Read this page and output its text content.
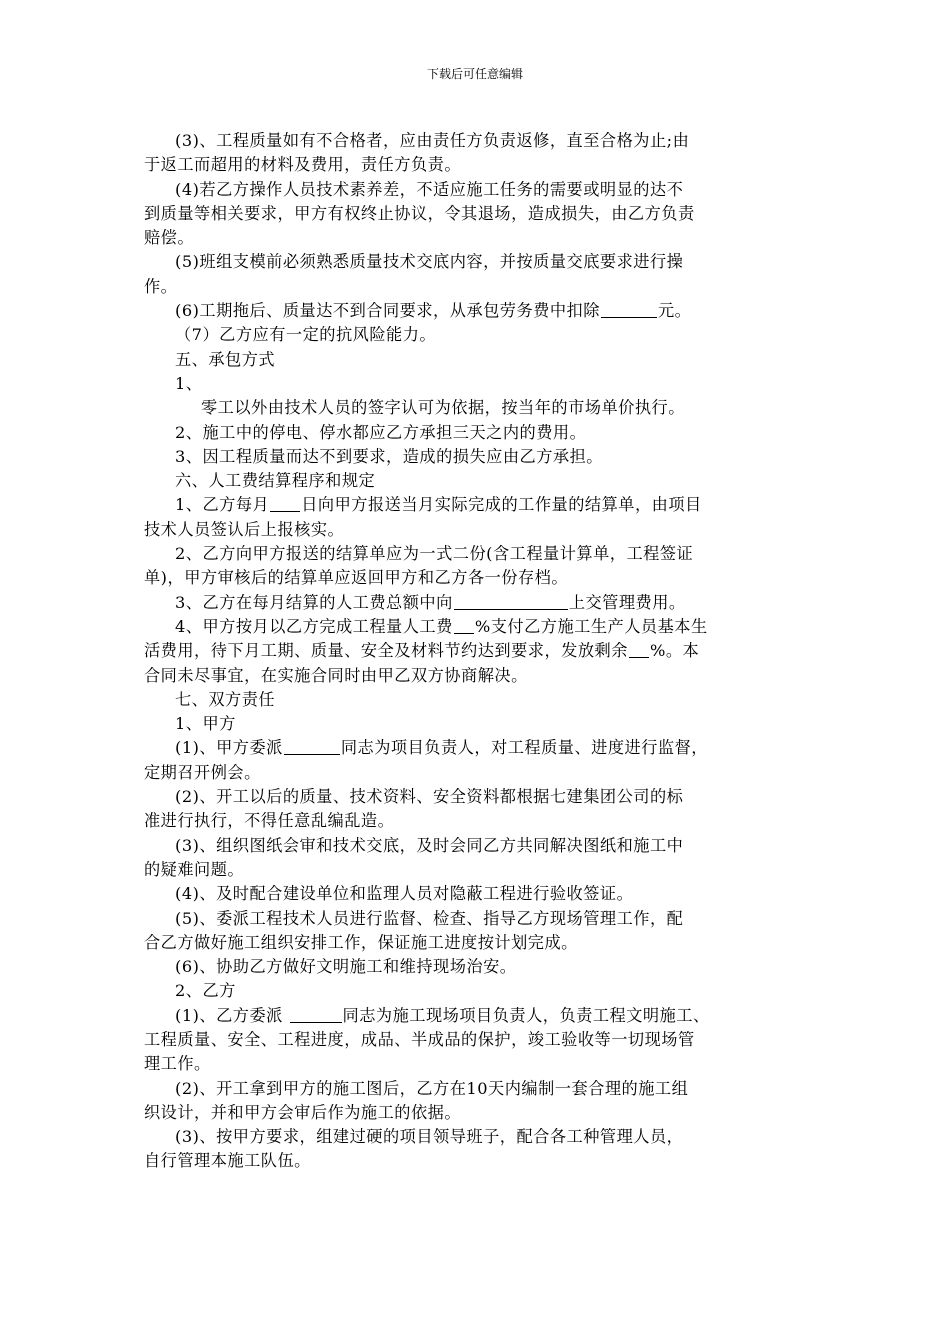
下载后可任意编辑
(3)、工程质量如有不合格者，应由责任方负责返修，直至合格为止;由
于返工而超用的材料及费用，责任方负责。
(4)若乙方操作人员技术素养差，不适应施工任务的需要或明显的达不
到质量等相关要求，甲方有权终止协议，令其退场，造成损失，由乙方负责
赔偿。
(5)班组支模前必须熟悉质量技术交底内容，并按质量交底要求进行操
作。
(6)工期拖后、质量达不到合同要求，从承包劳务费中扣除	元。
（7）乙方应有一定的抗风险能力。
五、承包方式
1、
零工以外由技术人员的签字认可为依据，按当年的市场单价执行。
2、施工中的停电、停水都应乙方承担三天之内的费用。
3、因工程质量而达不到要求，造成的损失应由乙方承担。
六、人工费结算程序和规定
1、乙方每月 日向甲方报送当月实际完成的工作量的结算单，由项目
技术人员签认后上报核实。
2、乙方向甲方报送的结算单应为一式二份(含工程量计算单，工程签证
单)，甲方审核后的结算单应返回甲方和乙方各一份存档。
3、乙方在每月结算的人工费总额中向	上交管理费用。
4、甲方按月以乙方完成工程量人工费 %支付乙方施工生产人员基本生
活费用，待下月工期、质量、安全及材料节约达到要求，发放剩余 %。本
合同未尽事宜，在实施合同时由甲乙双方协商解决。
七、双方责任
1、甲方
(1)、甲方委派	同志为项目负责人，对工程质量、进度进行监督，
定期召开例会。
(2)、开工以后的质量、技术资料、安全资料都根据七建集团公司的标
准进行执行，不得任意乱编乱造。
(3)、组织图纸会审和技术交底，及时会同乙方共同解决图纸和施工中
的疑难问题。
(4)、及时配合建设单位和监理人员对隐蔽工程进行验收签证。
(5)、委派工程技术人员进行监督、检查、指导乙方现场管理工作，配
合乙方做好施工组织安排工作，保证施工进度按计划完成。
(6)、协助乙方做好文明施工和维持现场治安。
2、乙方
(1)、乙方委派	同志为施工现场项目负责人，负责工程文明施工、
工程质量、安全、工程进度，成品、半成品的保护，竣工验收等一切现场管
理工作。
(2)、开工拿到甲方的施工图后，乙方在10天内编制一套合理的施工组
织设计，并和甲方会审后作为施工的依据。
(3)、按甲方要求，组建过硬的项目领导班子，配合各工种管理人员，
自行管理本施工队伍。
